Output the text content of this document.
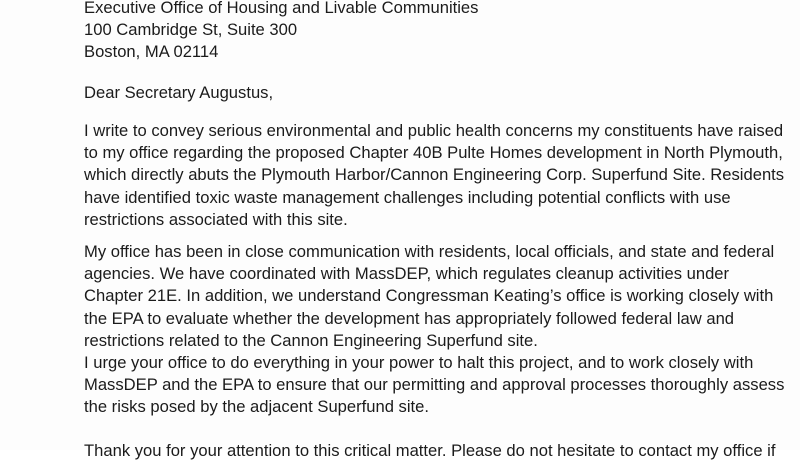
Executive Office of Housing and Livable Communities
100 Cambridge St, Suite 300
Boston, MA 02114
Dear Secretary Augustus,
I write to convey serious environmental and public health concerns my constituents have raised
to my office regarding the proposed Chapter 40B Pulte Homes development in North Plymouth,
which directly abuts the Plymouth Harbor/Cannon Engineering Corp. Superfund Site. Residents
have identified toxic waste management challenges including potential conflicts with use
restrictions associated with this site.
My office has been in close communication with residents, local officials, and state and federal
agencies. We have coordinated with MassDEP, which regulates cleanup activities under
Chapter 21E. In addition, we understand Congressman Keating’s office is working closely with
the EPA to evaluate whether the development has appropriately followed federal law and
restrictions related to the Cannon Engineering Superfund site.
I urge your office to do everything in your power to halt this project, and to work closely with
MassDEP and the EPA to ensure that our permitting and approval processes thoroughly assess
the risks posed by the adjacent Superfund site.
Thank you for your attention to this critical matter. Please do not hesitate to contact my office if
